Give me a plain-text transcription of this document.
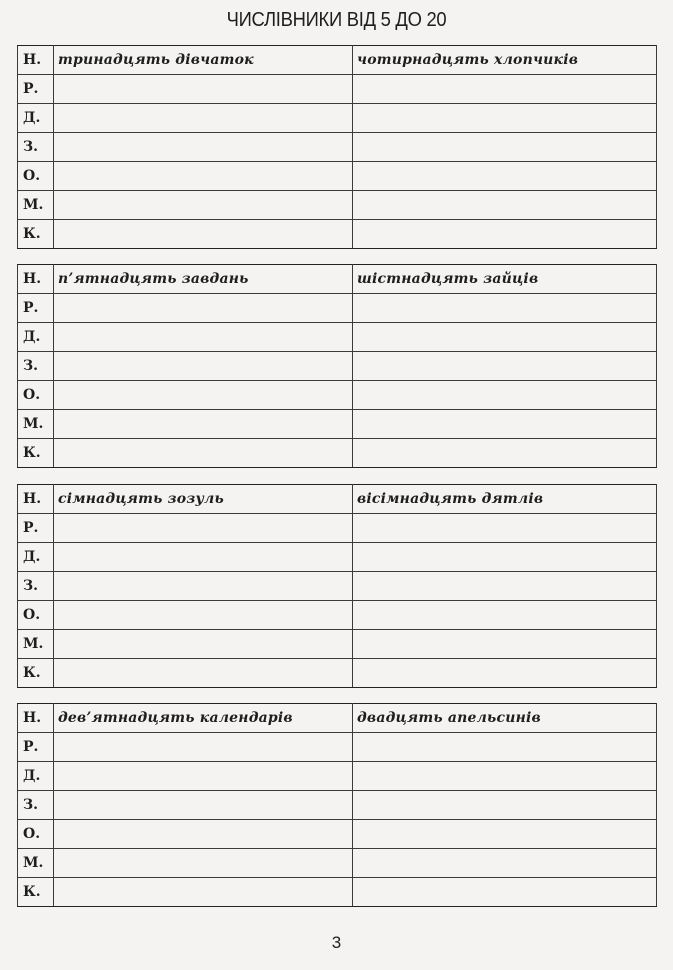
ЧИСЛІВНИКИ ВІД 5 ДО 20
Н.	тринадцять дівчаток	чотирнадцять хлопчиків
Р.		
Д.		
З.		
О.		
М.		
К.		
Н.	п’ятнадцять завдань	шістнадцять зайців
Р.		
Д.		
З.		
О.		
М.		
К.		
Н.	сімнадцять зозуль	вісімнадцять дятлів
Р.		
Д.		
З.		
О.		
М.		
К.		
Н.	дев’ятнадцять календарів	двадцять апельсинів
Р.		
Д.		
З.		
О.		
М.		
К.		
3
